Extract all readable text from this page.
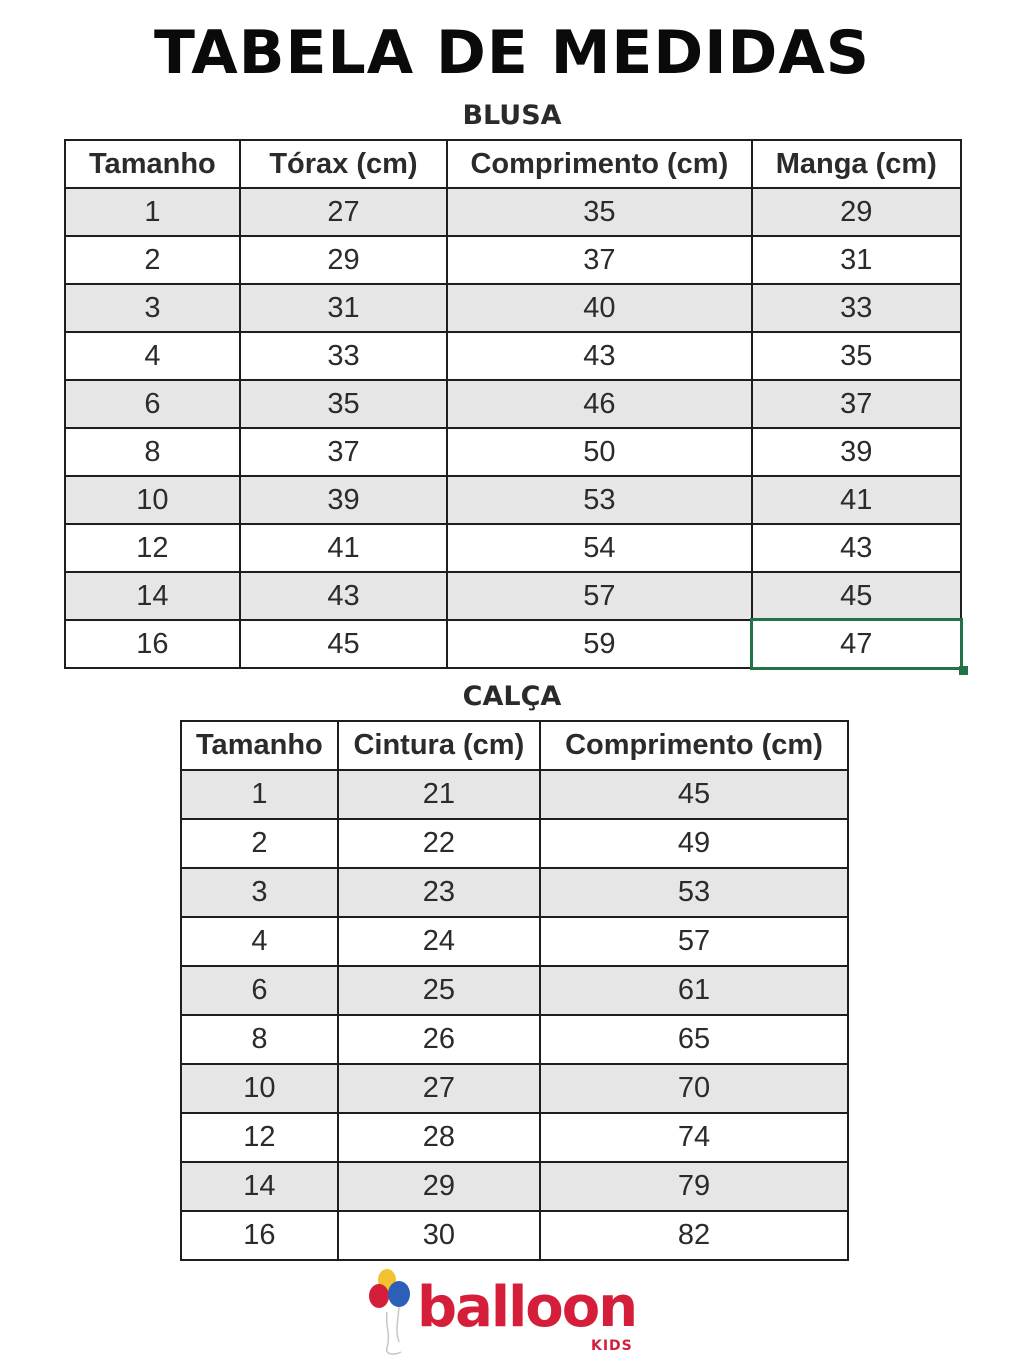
TABELA DE MEDIDAS
BLUSA
Tamanho	Tórax (cm)	Comprimento (cm)	Manga (cm)
1	27	35	29
2	29	37	31
3	31	40	33
4	33	43	35
6	35	46	37
8	37	50	39
10	39	53	41
12	41	54	43
14	43	57	45
16	45	59	47
CALÇA
Tamanho	Cintura (cm)	Comprimento (cm)
1	21	45
2	22	49
3	23	53
4	24	57
6	25	61
8	26	65
10	27	70
12	28	74
14	29	79
16	30	82
balloon
KIDS
